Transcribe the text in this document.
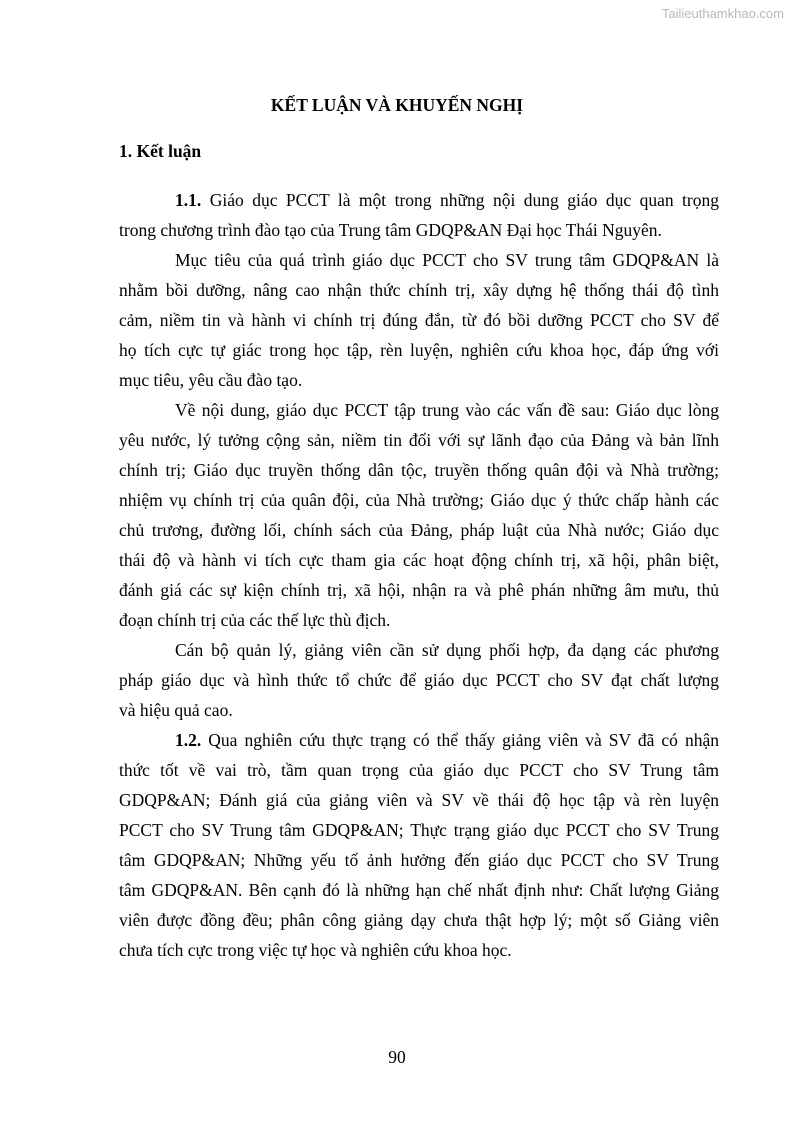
Tailieuthamkhao.com
KẾT LUẬN VÀ KHUYẾN NGHỊ
1. Kết luận
1.1. Giáo dục PCCT là một trong những nội dung giáo dục quan trọng
trong chương trình đào tạo của Trung tâm GDQP&AN Đại học Thái Nguyên.
Mục tiêu của quá trình giáo dục PCCT cho SV trung tâm GDQP&AN là
nhằm bồi dưỡng, nâng cao nhận thức chính trị, xây dựng hệ thống thái độ tình
cảm, niềm tin và hành vi chính trị đúng đắn, từ đó bồi dưỡng PCCT cho SV để
họ tích cực tự giác trong học tập, rèn luyện, nghiên cứu khoa học, đáp ứng với
mục tiêu, yêu cầu đào tạo.
Về nội dung, giáo dục PCCT tập trung vào các vấn đề sau: Giáo dục lòng
yêu nước, lý tưởng cộng sản, niềm tin đối với sự lãnh đạo của Đảng và bản lĩnh
chính trị; Giáo dục truyền thống dân tộc, truyền thống quân đội và Nhà trường;
nhiệm vụ chính trị của quân đội, của Nhà trường; Giáo dục ý thức chấp hành các
chủ trương, đường lối, chính sách của Đảng, pháp luật của Nhà nước; Giáo dục
thái độ và hành vi tích cực tham gia các hoạt động chính trị, xã hội, phân biệt,
đánh giá các sự kiện chính trị, xã hội, nhận ra và phê phán những âm mưu, thủ
đoạn chính trị của các thế lực thù địch.
Cán bộ quản lý, giảng viên cần sử dụng phối hợp, đa dạng các phương
pháp giáo dục và hình thức tổ chức để giáo dục PCCT cho SV đạt chất lượng
và hiệu quả cao.
1.2. Qua nghiên cứu thực trạng có thể thấy giảng viên và SV đã có nhận
thức tốt về vai trò, tầm quan trọng của giáo dục PCCT cho SV Trung tâm
GDQP&AN; Đánh giá của giảng viên và SV về thái độ học tập và rèn luyện
PCCT cho SV Trung tâm GDQP&AN; Thực trạng giáo dục PCCT cho SV Trung
tâm GDQP&AN; Những yếu tố ảnh hưởng đến giáo dục PCCT cho SV Trung
tâm GDQP&AN. Bên cạnh đó là những hạn chế nhất định như: Chất lượng Giảng
viên được đồng đều; phân công giảng dạy chưa thật hợp lý; một số Giảng viên
chưa tích cực trong việc tự học và nghiên cứu khoa học.
90
